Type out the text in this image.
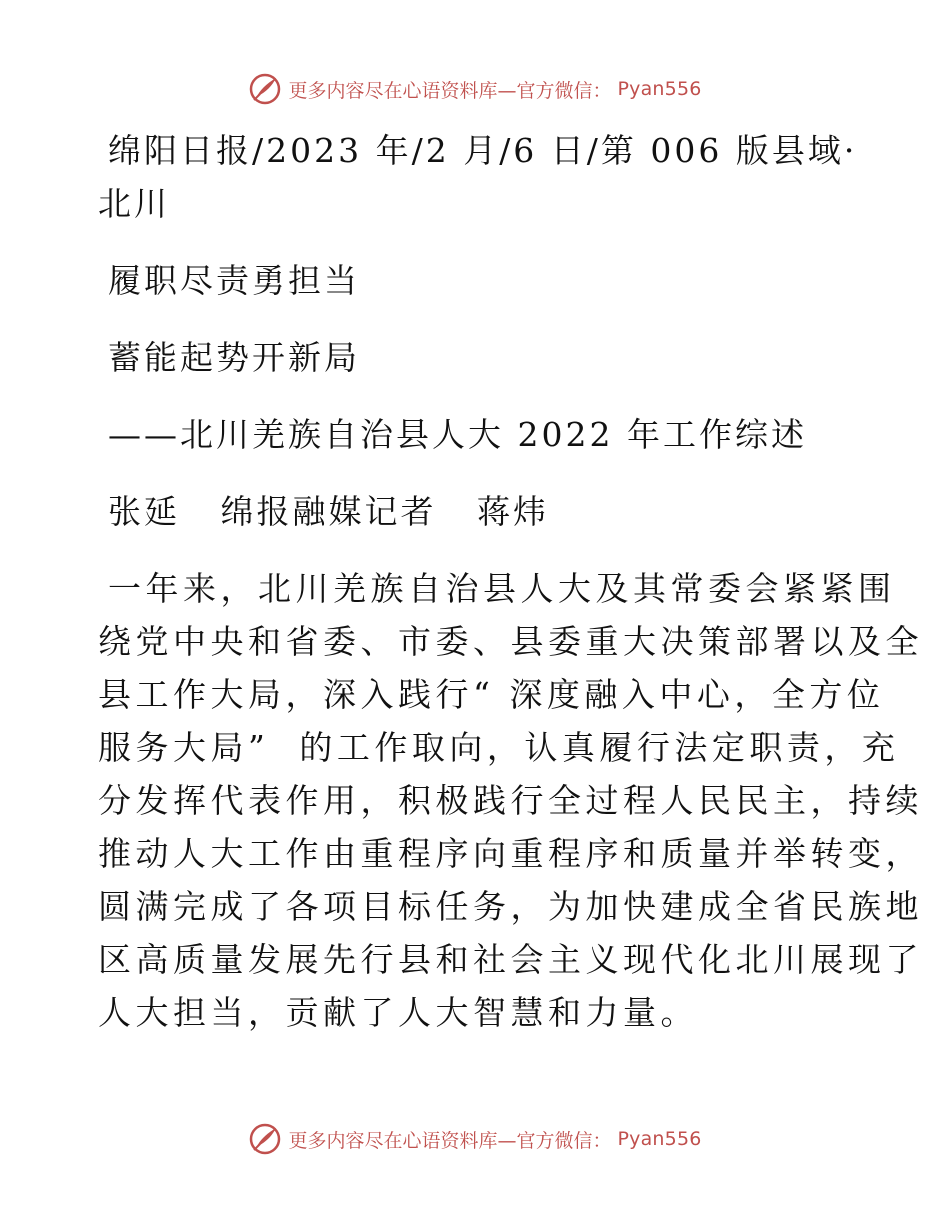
更多内容尽在心语资料库—官方微信： Pyan556
绵阳日报/2023 年/2 月/6 日/第 006 版县域·
北川
履职尽责勇担当
蓄能起势开新局
——北川羌族自治县人大 2022 年工作综述
张延   绵报融媒记者   蒋炜
一年来，北川羌族自治县人大及其常委会紧紧围
绕党中央和省委、市委、县委重大决策部署以及全
县工作大局，深入践行“ 深度融入中心，全方位
服务大局”  的工作取向，认真履行法定职责，充
分发挥代表作用，积极践行全过程人民民主，持续
推动人大工作由重程序向重程序和质量并举转变，
圆满完成了各项目标任务，为加快建成全省民族地
区高质量发展先行县和社会主义现代化北川展现了
人大担当，贡献了人大智慧和力量。
更多内容尽在心语资料库—官方微信： Pyan556
